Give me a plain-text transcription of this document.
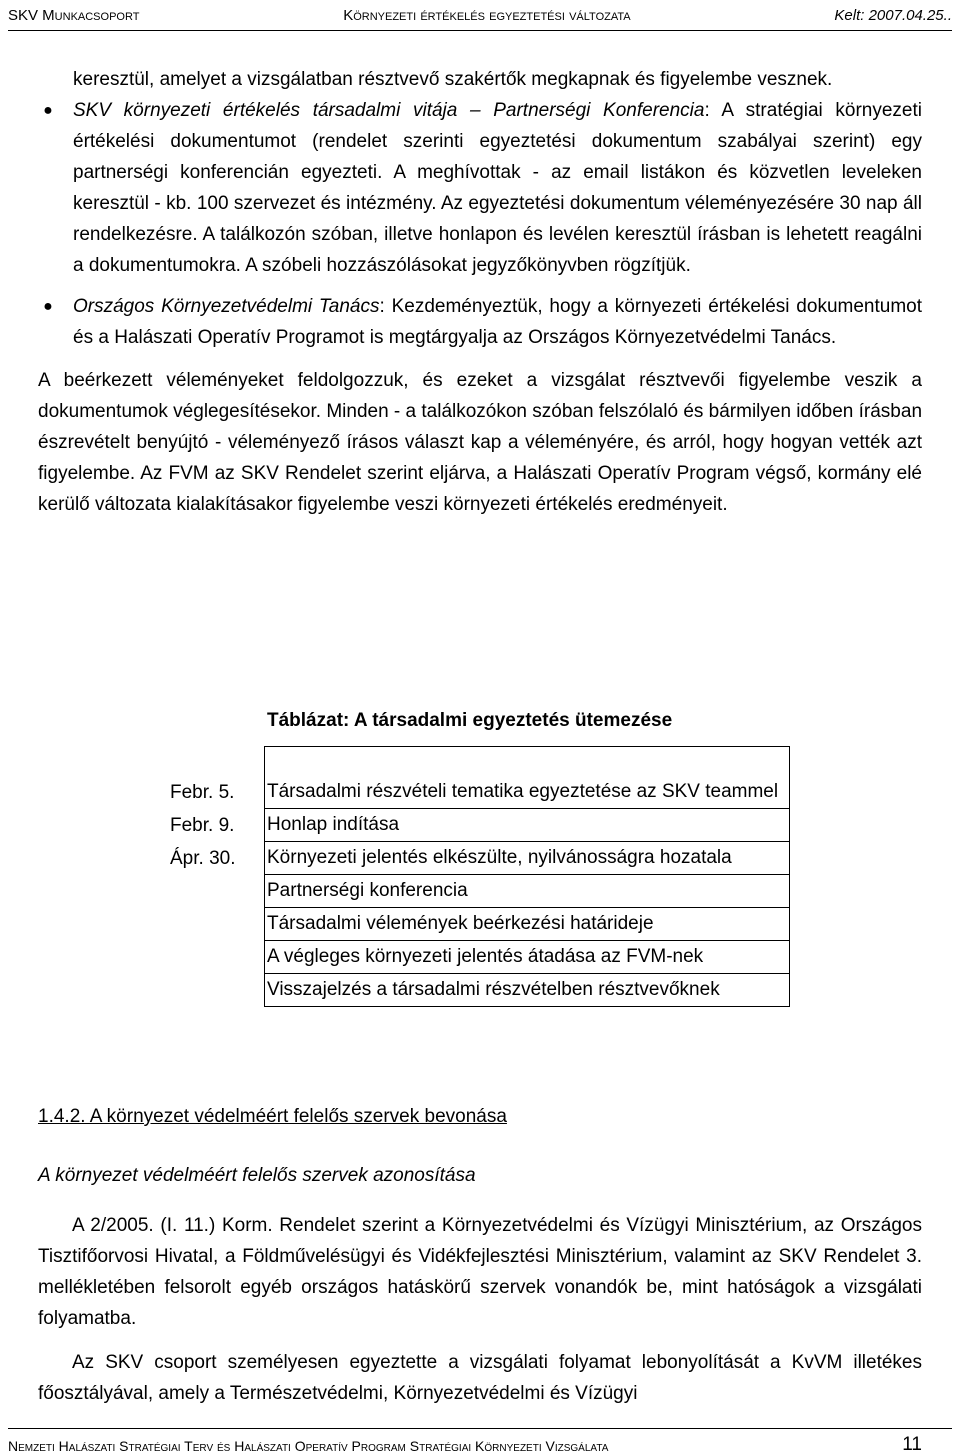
SKV Munkacsoport	Környezeti értékelés egyeztetési változata	Kelt: 2007.04.25..

keresztül, amelyet a vizsgálatban résztvevő szakértők megkapnak és figyelembe vesznek.

● SKV környezeti értékelés társadalmi vitája – Partnerségi Konferencia: A stratégiai környezeti értékelési dokumentumot (rendelet szerinti egyeztetési dokumentum szabályai szerint) egy partnerségi konferencián egyezteti. A meghívottak - az email listákon és közvetlen leveleken keresztül - kb. 100 szervezet és intézmény. Az egyeztetési dokumentum véleményezésére 30 nap áll rendelkezésre. A találkozón szóban, illetve honlapon és levélen keresztül írásban is lehetett reagálni a dokumentumokra. A szóbeli hozzászólásokat jegyzőkönyvben rögzítjük.
● Országos Környezetvédelmi Tanács: Kezdeményeztük, hogy a környezeti értékelési dokumentumot és a Halászati Operatív Programot is megtárgyalja az Országos Környezetvédelmi Tanács.

A beérkezett véleményeket feldolgozzuk, és ezeket a vizsgálat résztvevői figyelembe veszik a dokumentumok véglegesítésekor. Minden - a találkozókon szóban felszólaló és bármilyen időben írásban észrevételt benyújtó - véleményező írásos választ kap a véleményére, és arról, hogy hogyan vették azt figyelembe. Az FVM az SKV Rendelet szerint eljárva, a Halászati Operatív Program végső, kormány elé kerülő változata kialakításakor figyelembe veszi környezeti értékelés eredményeit.

Táblázat: A társadalmi egyeztetés ütemezése
Febr. 5.	Társadalmi részvételi tematika egyeztetése az SKV teammel
Febr. 9.	Honlap indítása
Ápr. 30.	Környezeti jelentés elkészülte, nyilvánosságra hozatala
	Partnerségi konferencia
	Társadalmi vélemények beérkezési határideje
	A végleges környezeti jelentés átadása az FVM-nek
	Visszajelzés a társadalmi részvételben résztvevőknek
1.4.2. A környezet védelméért felelős szervek bevonása
A környezet védelméért felelős szervek azonosítása

A 2/2005. (I. 11.) Korm. Rendelet szerint a Környezetvédelmi és Vízügyi Minisztérium, az Országos Tisztifőorvosi Hivatal, a Földművelésügyi és Vidékfejlesztési Minisztérium, valamint az SKV Rendelet 3. mellékletében felsorolt egyéb országos hatáskörű szervek vonandók be, mint hatóságok a vizsgálati folyamatba.

Az SKV csoport személyesen egyeztette a vizsgálati folyamat lebonyolítását a KvVM illetékes főosztályával, amely a Természetvédelmi, Környezetvédelmi és Vízügyi

Nemzeti Halászati Stratégiai Terv és Halászati Operatív Program Stratégiai Környezeti Vizsgálata	11
